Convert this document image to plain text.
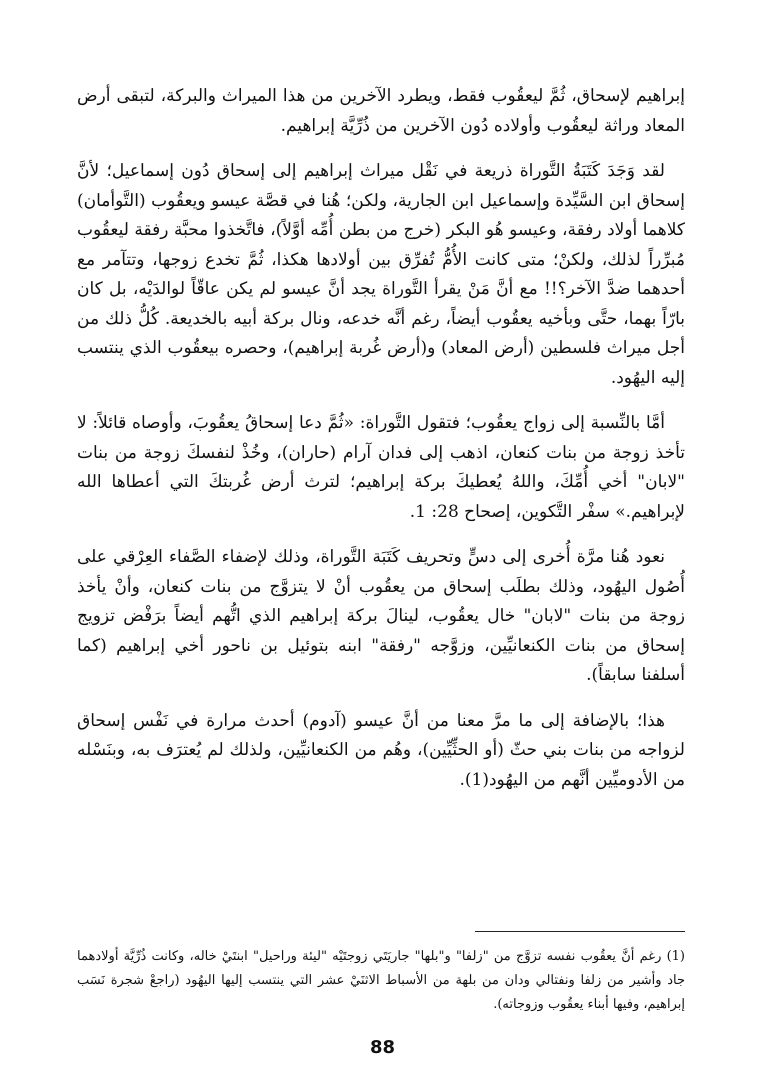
إبراهيم لإسحاق، ثُمَّ ليعقُوب فقط، ويطرد الآخرين من هذا الميراث والبركة، لتبقى أرض المعاد وراثة ليعقُوب وأولاده دُون الآخرين من ذُرِّيَّة إبراهيم.

لقد وَجَدَ كَتَبَةُ التَّوراة ذريعة في نَقْل ميراث إبراهيم إلى إسحاق دُون إسماعيل؛ لأنَّ إسحاق ابن السَّيِّدة وإسماعيل ابن الجارية، ولكن؛ هُنا في قصَّة عيسو ويعقُوب (التَّوأمان) كلاهما أولاد رفقة، وعيسو هُو البكر (خرج من بطن أُمِّه أوَّلاً)، فاتَّخذوا محبَّة رفقة ليعقُوب مُبرِّراً لذلك، ولكنْ؛ متى كانت الأُمُّ تُفرِّق بين أولادها هكذا، ثُمَّ تخدع زوجها، وتتآمر مع أحدهما ضدَّ الآخر؟!! مع أنَّ مَنْ يقرأ التَّوراة يجد أنَّ عيسو لم يكن عاقّاً لوالدَيْه، بل كان بارّاً بهما، حتَّى وبأخيه يعقُوب أيضاً، رغم أنَّه خدعه، ونال بركة أبيه بالخديعة. كُلُّ ذلك من أجل ميراث فلسطين (أرض المعاد) و(أرض غُربة إبراهيم)، وحصره بيعقُوب الذي ينتسب إليه اليهُود.

أمَّا بالنِّسبة إلى زواج يعقُوب؛ فتقول التَّوراة: «ثُمَّ دعا إسحاقُ يعقُوبَ، وأوصاه قائلاً: لا تأخذ زوجة من بنات كنعان، اذهب إلى فدان آرام (حاران)، وخُذْ لنفسكَ زوجة من بنات "لابان" أخي أُمِّكَ، واللهُ يُعطيكَ بركة إبراهيم؛ لترث أرض غُربتكَ التي أعطاها الله لإبراهيم.» سفْر التَّكوين، إصحاح 28: 1.

نعود هُنا مرَّة أُخرى إلى دسٍّ وتحريف كَتَبَة التَّوراة، وذلك لإضفاء الصَّفاء العِرْقي على أُصُول اليهُود، وذلك بطلَب إسحاق من يعقُوب أنْ لا يتزوَّج من بنات كنعان، وأنْ يأخذ زوجة من بنات "لابان" خال يعقُوب، لينالَ بركة إبراهيم الذي اتُّهم أيضاً برَفْض تزويج إسحاق من بنات الكنعانيِّين، وزوَّجه "رفقة" ابنه بتوئيل بن ناحور أخي إبراهيم (كما أسلفنا سابقاً).

هذا؛ بالإضافة إلى ما مرَّ معنا من أنَّ عيسو (آدوم) أحدث مرارة في نَفْس إسحاق لزواجه من بنات بني حثّ (أو الحثِّيِّين)، وهُم من الكنعانيِّين، ولذلك لم يُعترَف به، وبنَسْله من الأدوميِّين أنَّهم من اليهُود(1).

(1) رغم أنَّ يعقُوب نفسه تزوَّج من "زلفا" و"بلها" جاريَتَي زوجتَيْه "ليئة وراحيل" ابنتَيْ خاله، وكانت ذُرِّيَّة أولادهما جاد وأشير من زلفا ونفتالي ودان من بلهة من الأسباط الاثنَيْ عشر التي ينتسب إليها اليهُود (راجعْ شجرة نَسَب إبراهيم، وفيها أبناء يعقُوب وزوجاته).

88
